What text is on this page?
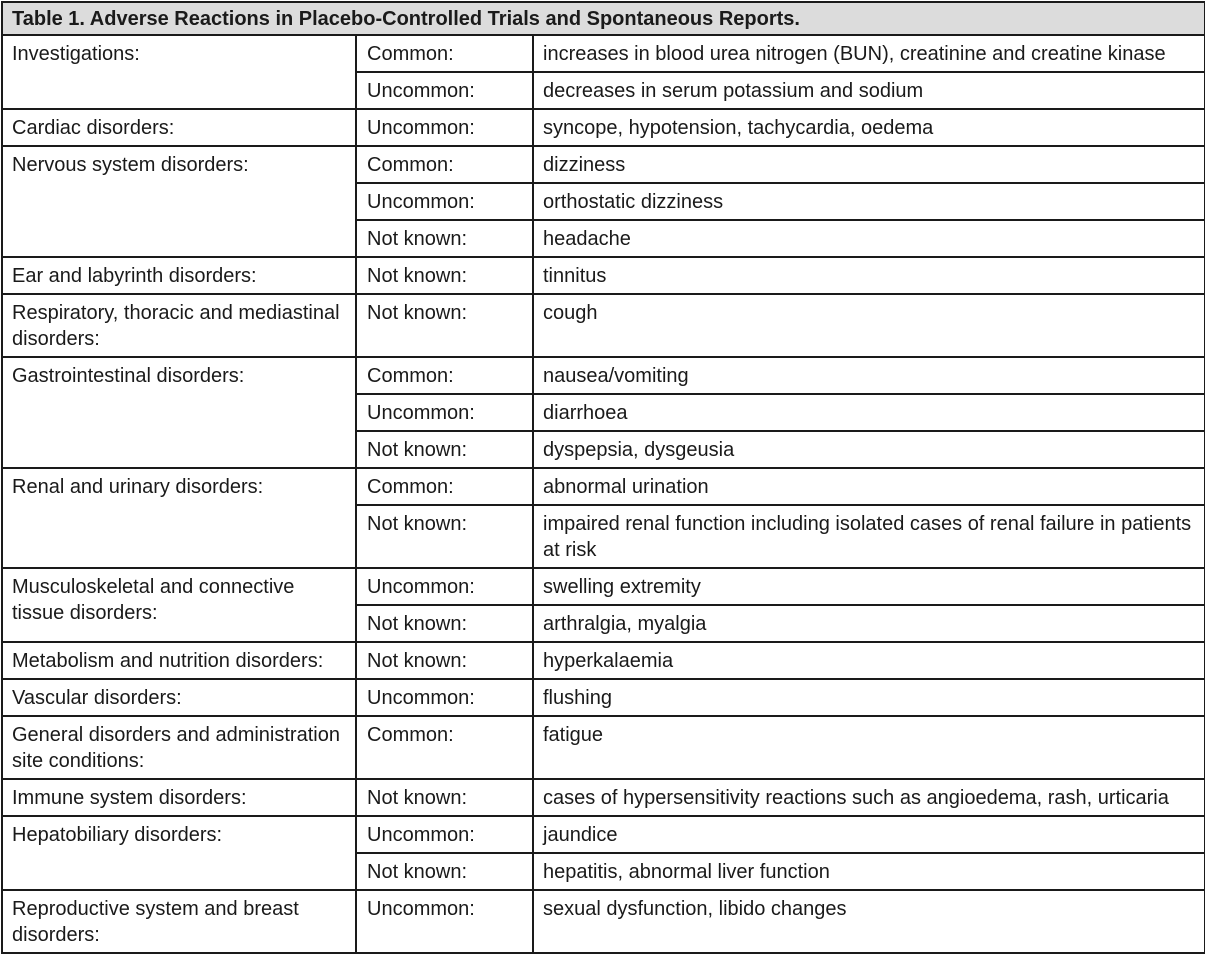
Table 1. Adverse Reactions in Placebo-Controlled Trials and Spontaneous Reports.		
Investigations:	Common:	increases in blood urea nitrogen (BUN), creatinine and creatine kinase
	Uncommon:	decreases in serum potassium and sodium
Cardiac disorders:	Uncommon:	syncope, hypotension, tachycardia, oedema
Nervous system disorders:	Common:	dizziness
	Uncommon:	orthostatic dizziness
	Not known:	headache
Ear and labyrinth disorders:	Not known:	tinnitus
Respiratory, thoracic and mediastinal disorders:	Not known:	cough
Gastrointestinal disorders:	Common:	nausea/vomiting
	Uncommon:	diarrhoea
	Not known:	dyspepsia, dysgeusia
Renal and urinary disorders:	Common:	abnormal urination
	Not known:	impaired renal function including isolated cases of renal failure in patients at risk
Musculoskeletal and connective tissue disorders:	Uncommon:	swelling extremity
	Not known:	arthralgia, myalgia
Metabolism and nutrition disorders:	Not known:	hyperkalaemia
Vascular disorders:	Uncommon:	flushing
General disorders and administration site conditions:	Common:	fatigue
Immune system disorders:	Not known:	cases of hypersensitivity reactions such as angioedema, rash, urticaria
Hepatobiliary disorders:	Uncommon:	jaundice
	Not known:	hepatitis, abnormal liver function
Reproductive system and breast disorders:	Uncommon:	sexual dysfunction, libido changes
